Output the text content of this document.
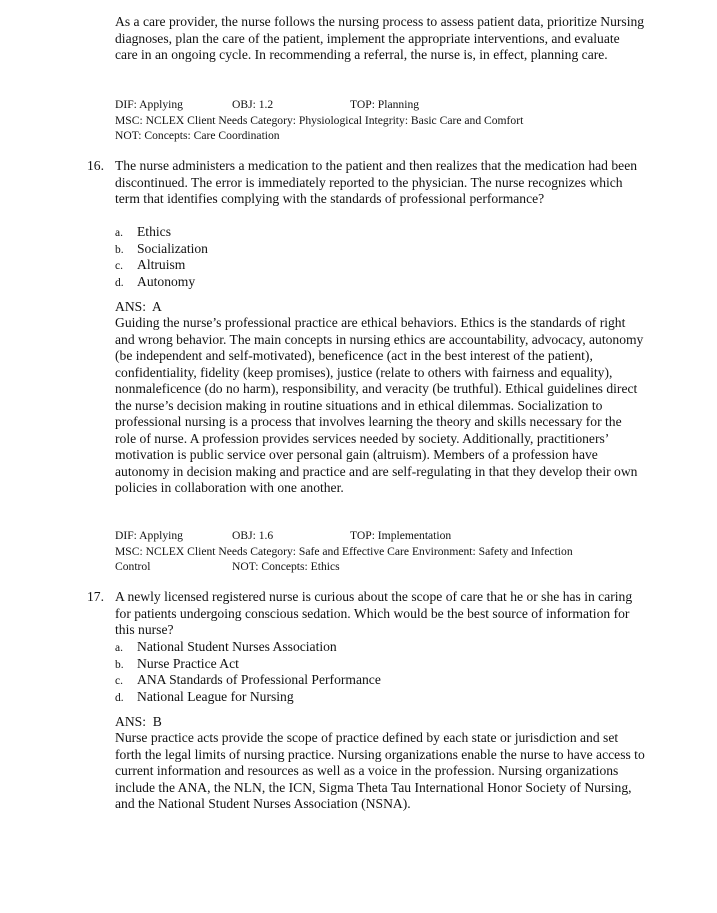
As a care provider, the nurse follows the nursing process to assess patient data, prioritize Nursing diagnoses, plan the care of the patient, implement the appropriate interventions, and evaluate care in an ongoing cycle. In recommending a referral, the nurse is, in effect, planning care.

DIF: Applying	OBJ: 1.2	TOP: Planning
MSC: NCLEX Client Needs Category: Physiological Integrity: Basic Care and Comfort
NOT: Concepts: Care Coordination
16. The nurse administers a medication to the patient and then realizes that the medication had been discontinued. The error is immediately reported to the physician. The nurse recognizes which term that identifies complying with the standards of professional performance?

a. Ethics
b. Socialization
c. Altruism
d. Autonomy
ANS:  A

Guiding the nurse’s professional practice are ethical behaviors. Ethics is the standards of right and wrong behavior. The main concepts in nursing ethics are accountability, advocacy, autonomy (be independent and self-motivated), beneficence (act in the best interest of the patient), confidentiality, fidelity (keep promises), justice (relate to others with fairness and equality), nonmaleficence (do no harm), responsibility, and veracity (be truthful). Ethical guidelines direct the nurse’s decision making in routine situations and in ethical dilemmas. Socialization to professional nursing is a process that involves learning the theory and skills necessary for the role of nurse. A profession provides services needed by society. Additionally, practitioners’ motivation is public service over personal gain (altruism). Members of a profession have autonomy in decision making and practice and are self-regulating in that they develop their own policies in collaboration with one another.

DIF: Applying	OBJ: 1.6	TOP: Implementation
MSC: NCLEX Client Needs Category: Safe and Effective Care Environment: Safety and Infection
Control	NOT: Concepts: Ethics
17. A newly licensed registered nurse is curious about the scope of care that he or she has in caring for patients undergoing conscious sedation. Which would be the best source of information for this nurse?

a. National Student Nurses Association
b. Nurse Practice Act
c. ANA Standards of Professional Performance
d. National League for Nursing
ANS:  B

Nurse practice acts provide the scope of practice defined by each state or jurisdiction and set forth the legal limits of nursing practice. Nursing organizations enable the nurse to have access to current information and resources as well as a voice in the profession. Nursing organizations include the ANA, the NLN, the ICN, Sigma Theta Tau International Honor Society of Nursing, and the National Student Nurses Association (NSNA).
